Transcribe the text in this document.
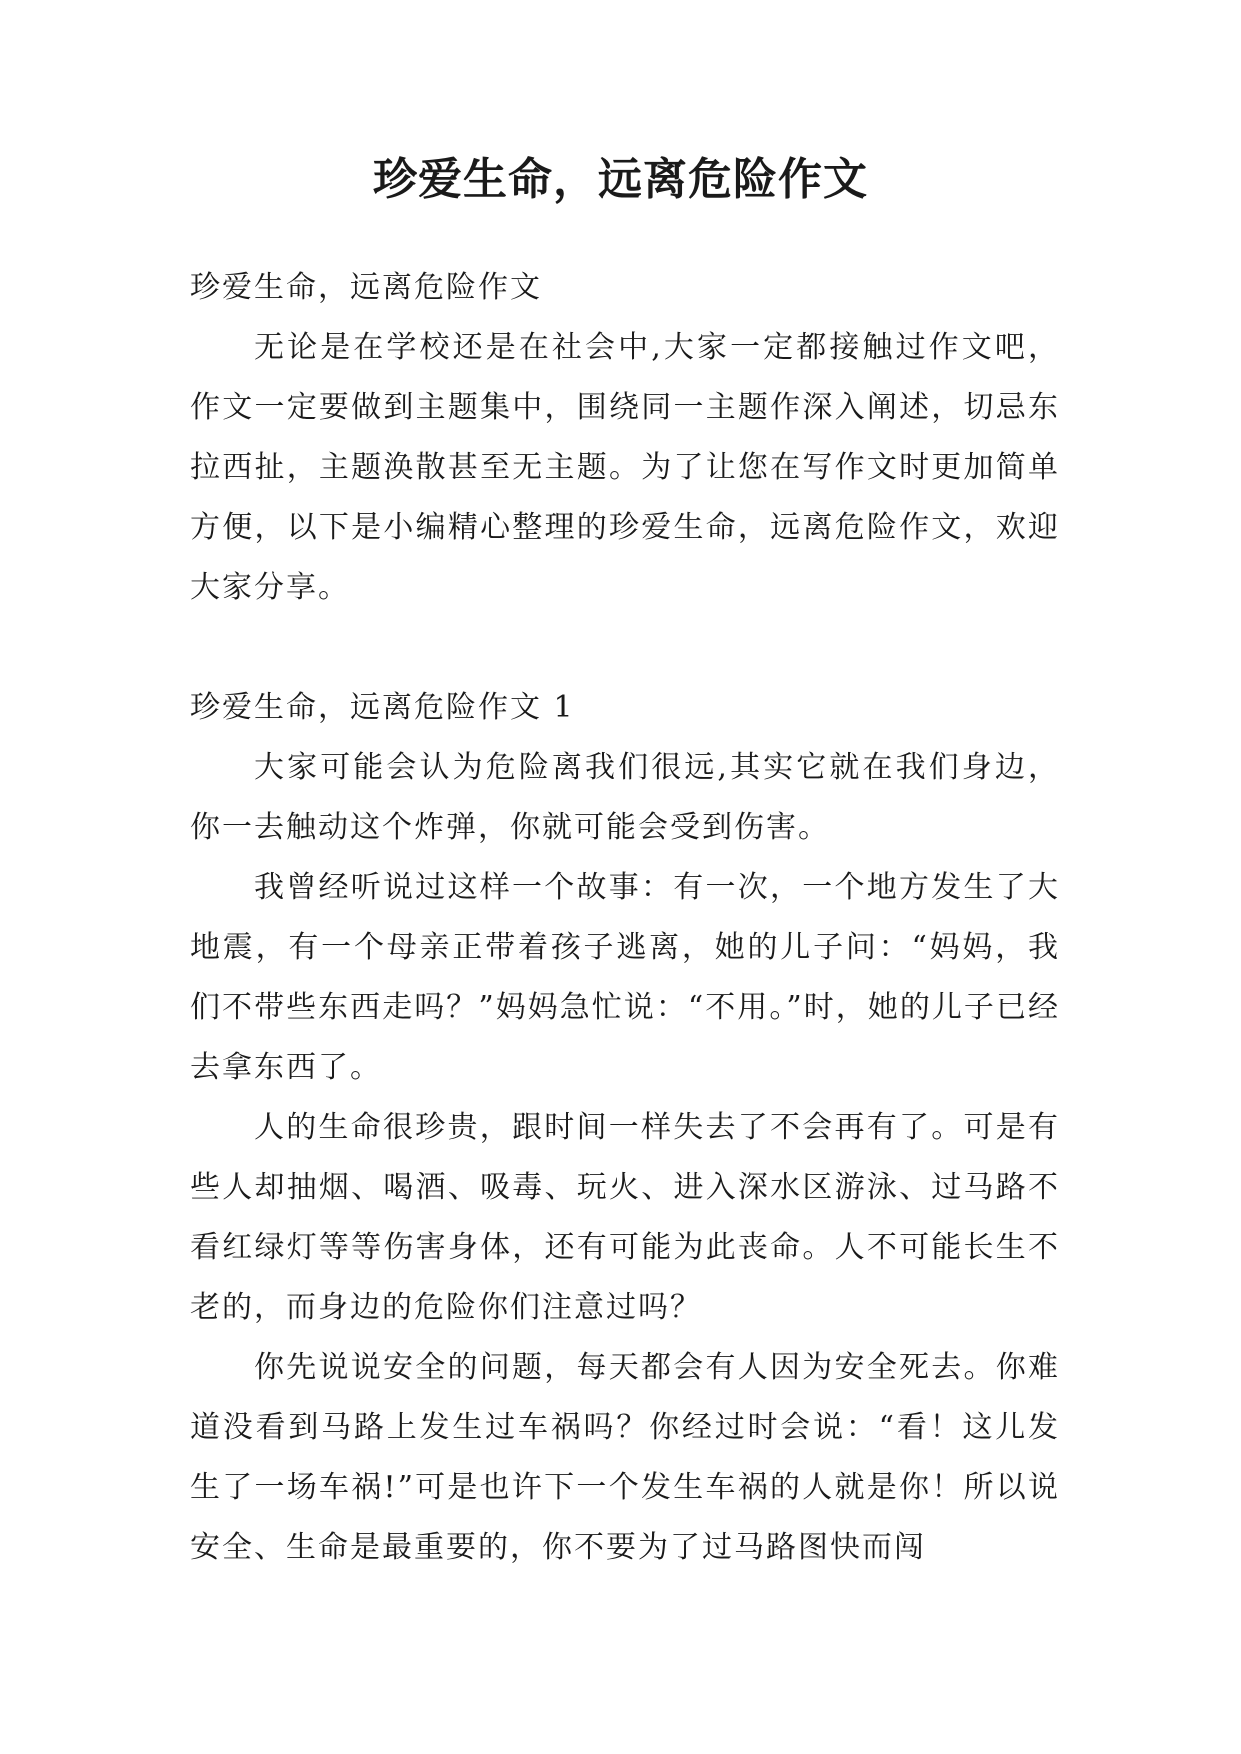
珍爱生命，远离危险作文

珍爱生命，远离危险作文

无论是在学校还是在社会中,大家一定都接触过作文吧，作文一定要做到主题集中，围绕同一主题作深入阐述，切忌东拉西扯，主题涣散甚至无主题。为了让您在写作文时更加简单方便，以下是小编精心整理的珍爱生命，远离危险作文，欢迎大家分享。

珍爱生命，远离危险作文 1

大家可能会认为危险离我们很远,其实它就在我们身边，你一去触动这个炸弹，你就可能会受到伤害。

我曾经听说过这样一个故事：有一次，一个地方发生了大地震，有一个母亲正带着孩子逃离，她的儿子问：“妈妈，我们不带些东西走吗？”妈妈急忙说：“不用。”时，她的儿子已经去拿东西了。

人的生命很珍贵，跟时间一样失去了不会再有了。可是有些人却抽烟、喝酒、吸毒、玩火、进入深水区游泳、过马路不看红绿灯等等伤害身体，还有可能为此丧命。人不可能长生不老的，而身边的危险你们注意过吗？

你先说说安全的问题，每天都会有人因为安全死去。你难道没看到马路上发生过车祸吗？你经过时会说：“看！这儿发生了一场车祸!”可是也许下一个发生车祸的人就是你！所以说安全、生命是最重要的，你不要为了过马路图快而闯
